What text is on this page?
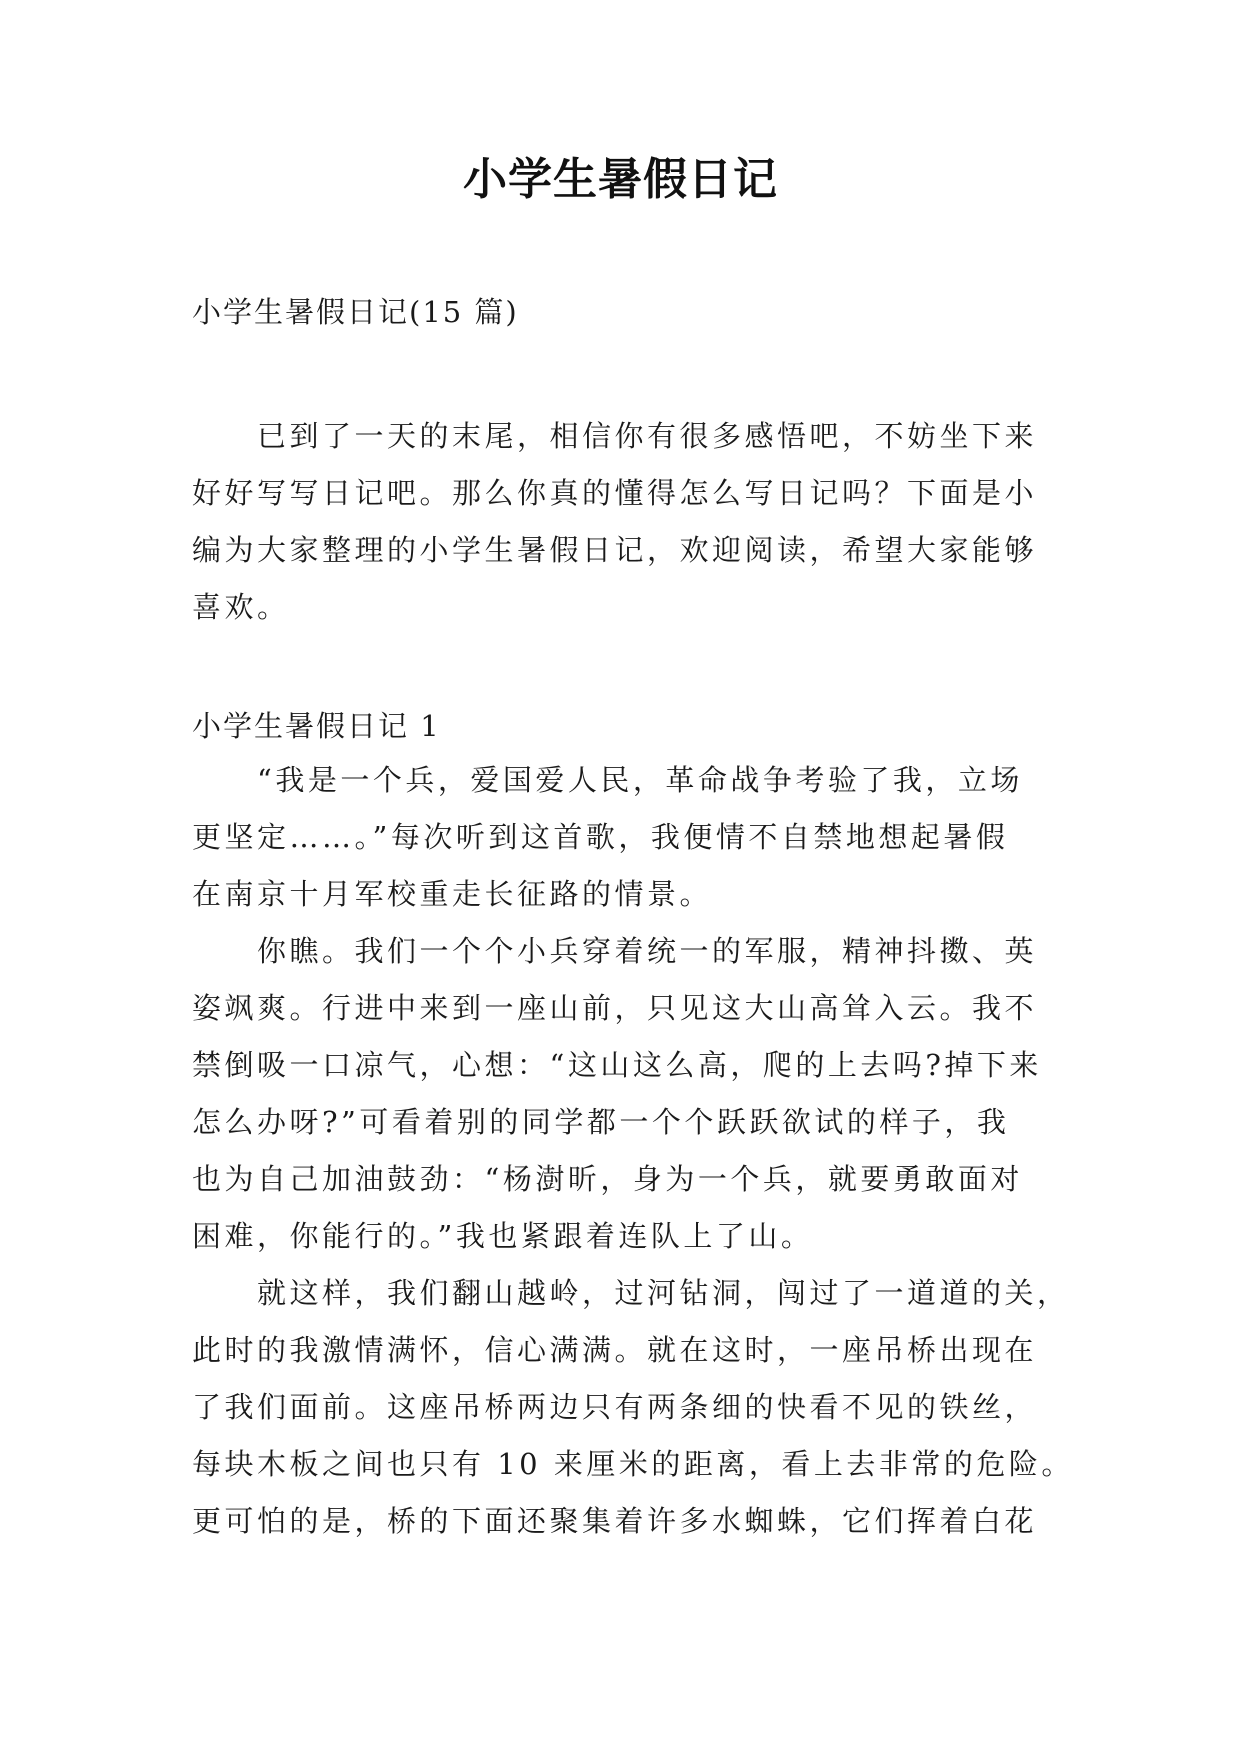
小学生暑假日记
小学生暑假日记(15 篇)
　　已到了一天的末尾，相信你有很多感悟吧，不妨坐下来
好好写写日记吧。那么你真的懂得怎么写日记吗？下面是小
编为大家整理的小学生暑假日记，欢迎阅读，希望大家能够
喜欢。
小学生暑假日记 1
　　“我是一个兵，爱国爱人民，革命战争考验了我，立场
更坚定……。”每次听到这首歌，我便情不自禁地想起暑假
在南京十月军校重走长征路的情景。
　　你瞧。我们一个个小兵穿着统一的军服，精神抖擞、英
姿飒爽。行进中来到一座山前，只见这大山高耸入云。我不
禁倒吸一口凉气，心想：“这山这么高，爬的上去吗?掉下来
怎么办呀?”可看着别的同学都一个个跃跃欲试的样子，我
也为自己加油鼓劲：“杨澍昕，身为一个兵，就要勇敢面对
困难，你能行的。”我也紧跟着连队上了山。
　　就这样，我们翻山越岭，过河钻洞，闯过了一道道的关，
此时的我激情满怀，信心满满。就在这时，一座吊桥出现在
了我们面前。这座吊桥两边只有两条细的快看不见的铁丝，
每块木板之间也只有 10 来厘米的距离，看上去非常的危险。
更可怕的是，桥的下面还聚集着许多水蜘蛛，它们挥着白花
